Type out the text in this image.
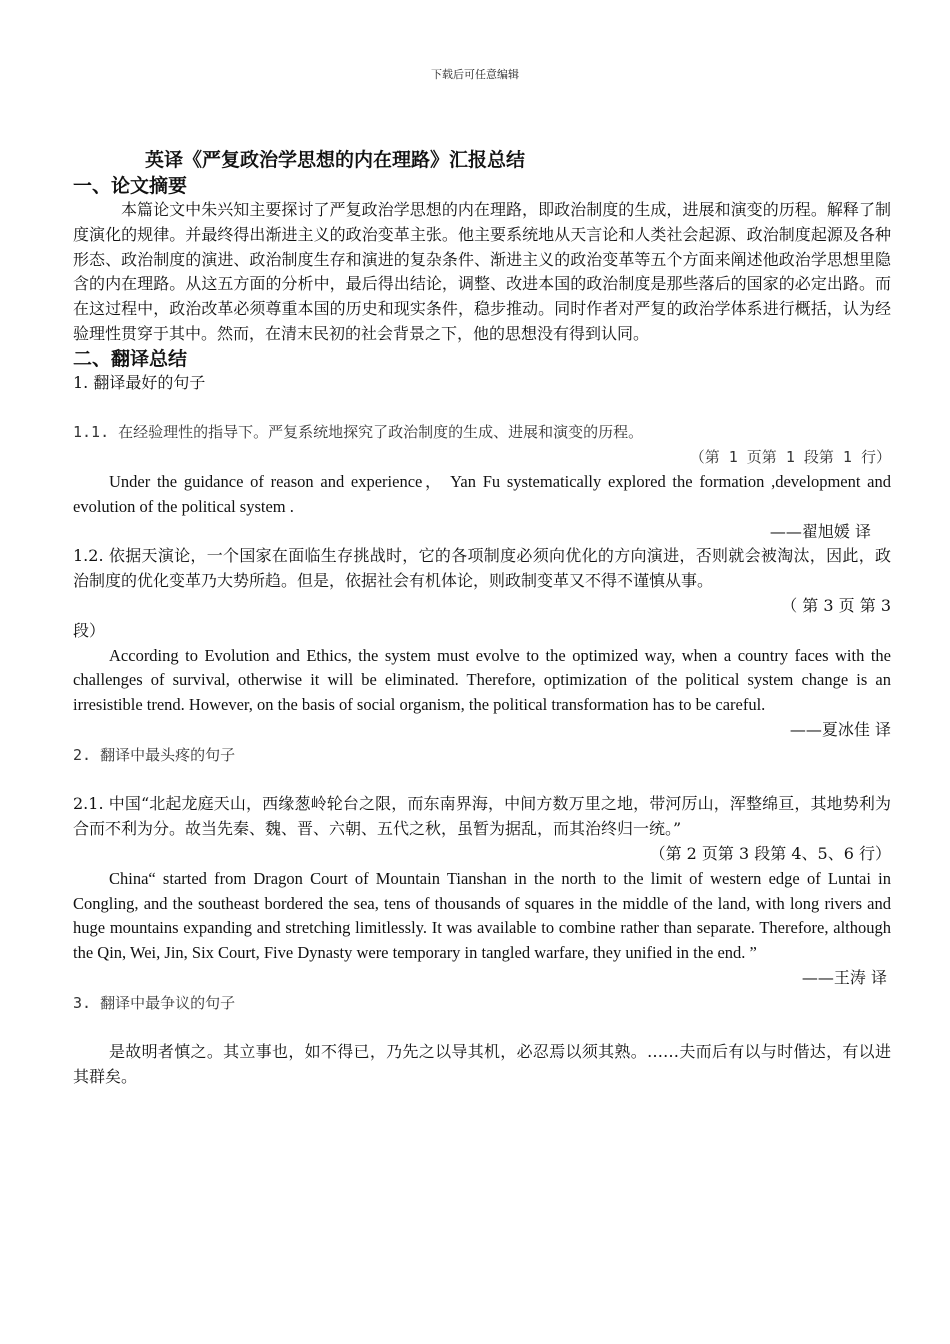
下载后可任意编辑
英译《严复政治学思想的内在理路》汇报总结
一、论文摘要

本篇论文中朱兴知主要探讨了严复政治学思想的内在理路，即政治制度的生成，进展和演变的历程。解释了制度演化的规律。并最终得出渐进主义的政治变革主张。他主要系统地从天言论和人类社会起源、政治制度起源及各种形态、政治制度的演进、政治制度生存和演进的复杂条件、渐进主义的政治变革等五个方面来阐述他政治学思想里隐含的内在理路。从这五方面的分析中，最后得出结论，调整、改进本国的政治制度是那些落后的国家的必定出路。而在这过程中，政治改革必须尊重本国的历史和现实条件，稳步推动。同时作者对严复的政治学体系进行概括，认为经验理性贯穿于其中。然而，在清末民初的社会背景之下，他的思想没有得到认同。

二、翻译总结

1. 翻译最好的句子

1.1. 在经验理性的指导下。严复系统地探究了政治制度的生成、进展和演变的历程。

（第 1 页第 1 段第 1 行）

Under the guidance of reason and experience， Yan Fu systematically explored the formation ,development and evolution of the political system .

——翟旭媛 译

1.2. 依据天演论，一个国家在面临生存挑战时，它的各项制度必须向优化的方向演进，否则就会被淘汰，因此，政治制度的优化变革乃大势所趋。但是，依据社会有机体论，则政制变革又不得不谨慎从事。

（ 第 3 页 第 3

段）

According to Evolution and Ethics, the system must evolve to the optimized way, when a country faces with the challenges of survival, otherwise it will be eliminated. Therefore, optimization of the political system change is an irresistible trend. However, on the basis of social organism, the political transformation has to be careful.

——夏冰佳 译

2. 翻译中最头疼的句子

2.1. 中国“北起龙庭天山，西缘葱岭轮台之限，而东南界海，中间方数万里之地，带河厉山，浑整绵亘，其地势利为合而不利为分。故当先秦、魏、晋、六朝、五代之秋，虽暂为据乱，而其治终归一统。”

（第 2 页第 3 段第 4、5、6 行）

China“ started from Dragon Court of Mountain Tianshan in the north to the limit of western edge of Luntai in Congling, and the southeast bordered the sea, tens of thousands of squares in the middle of the land, with long rivers and huge mountains expanding and stretching limitlessly. It was available to combine rather than separate. Therefore, although the Qin, Wei, Jin, Six Court, Five Dynasty were temporary in tangled warfare, they unified in the end. ”

——王涛 译

3. 翻译中最争议的句子

是故明者慎之。其立事也，如不得已，乃先之以导其机，必忍焉以须其熟。……夫而后有以与时偕达，有以进其群矣。
